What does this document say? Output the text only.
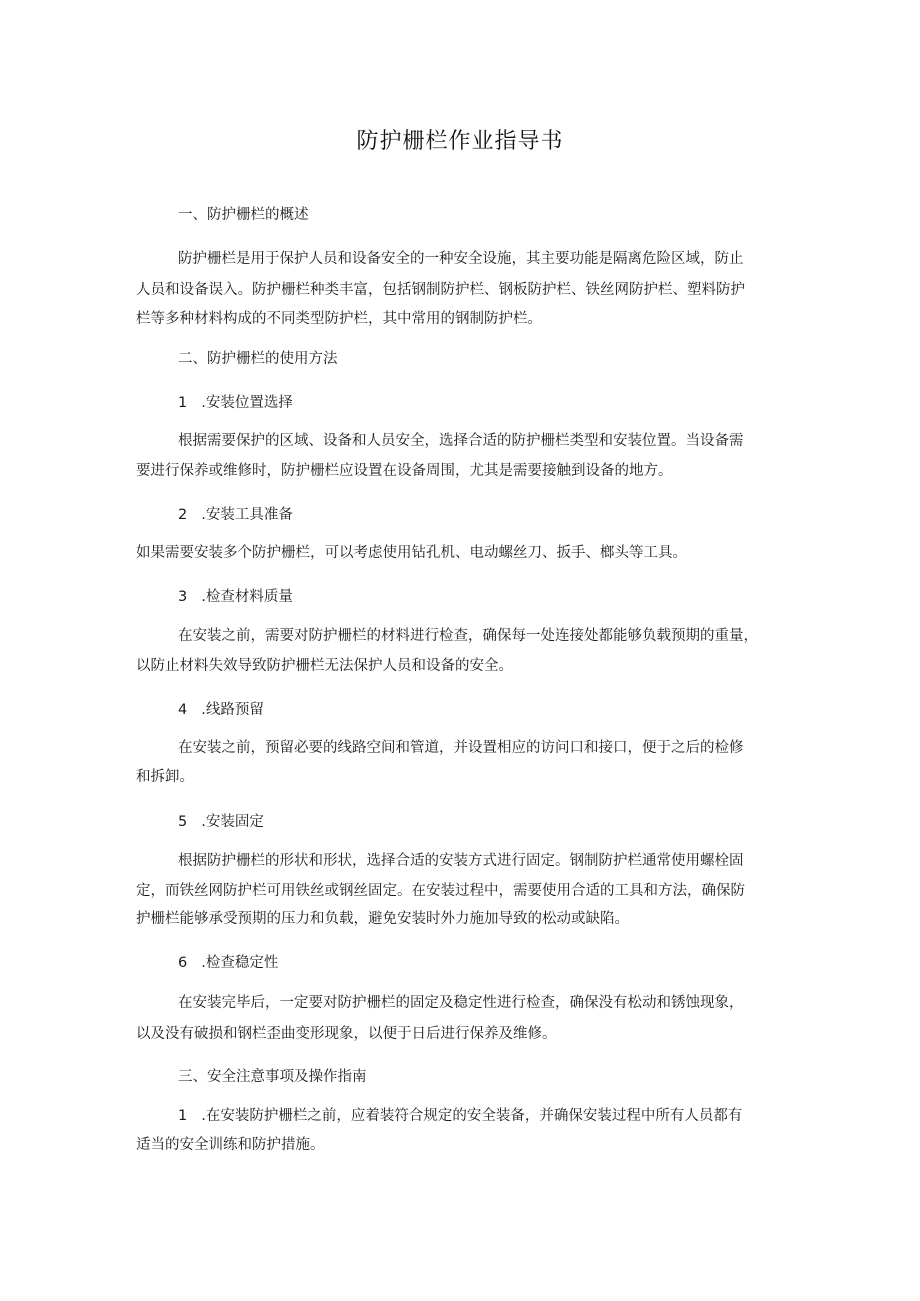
防护栅栏作业指导书
一、防护栅栏的概述
防护栅栏是用于保护人员和设备安全的一种安全设施，其主要功能是隔离危险区域，防止
人员和设备误入。防护栅栏种类丰富，包括钢制防护栏、钢板防护栏、铁丝网防护栏、塑料防护
栏等多种材料构成的不同类型防护栏，其中常用的钢制防护栏。
二、防护栅栏的使用方法
1 .安装位置选择
根据需要保护的区域、设备和人员安全，选择合适的防护栅栏类型和安装位置。当设备需
要进行保养或维修时，防护栅栏应设置在设备周围，尤其是需要接触到设备的地方。
2 .安装工具准备
如果需要安装多个防护栅栏，可以考虑使用钻孔机、电动螺丝刀、扳手、榔头等工具。
3 .检查材料质量
在安装之前，需要对防护栅栏的材料进行检查，确保每一处连接处都能够负载预期的重量，
以防止材料失效导致防护栅栏无法保护人员和设备的安全。
4 .线路预留
在安装之前，预留必要的线路空间和管道，并设置相应的访问口和接口，便于之后的检修
和拆卸。
5 .安装固定
根据防护栅栏的形状和形状，选择合适的安装方式进行固定。钢制防护栏通常使用螺栓固
定，而铁丝网防护栏可用铁丝或钢丝固定。在安装过程中，需要使用合适的工具和方法，确保防
护栅栏能够承受预期的压力和负载，避免安装时外力施加导致的松动或缺陷。
6 .检查稳定性
在安装完毕后，一定要对防护栅栏的固定及稳定性进行检查，确保没有松动和锈蚀现象，
以及没有破损和钢栏歪曲变形现象，以便于日后进行保养及维修。
三、安全注意事项及操作指南
1 .在安装防护栅栏之前，应着装符合规定的安全装备，并确保安装过程中所有人员都有
适当的安全训练和防护措施。
